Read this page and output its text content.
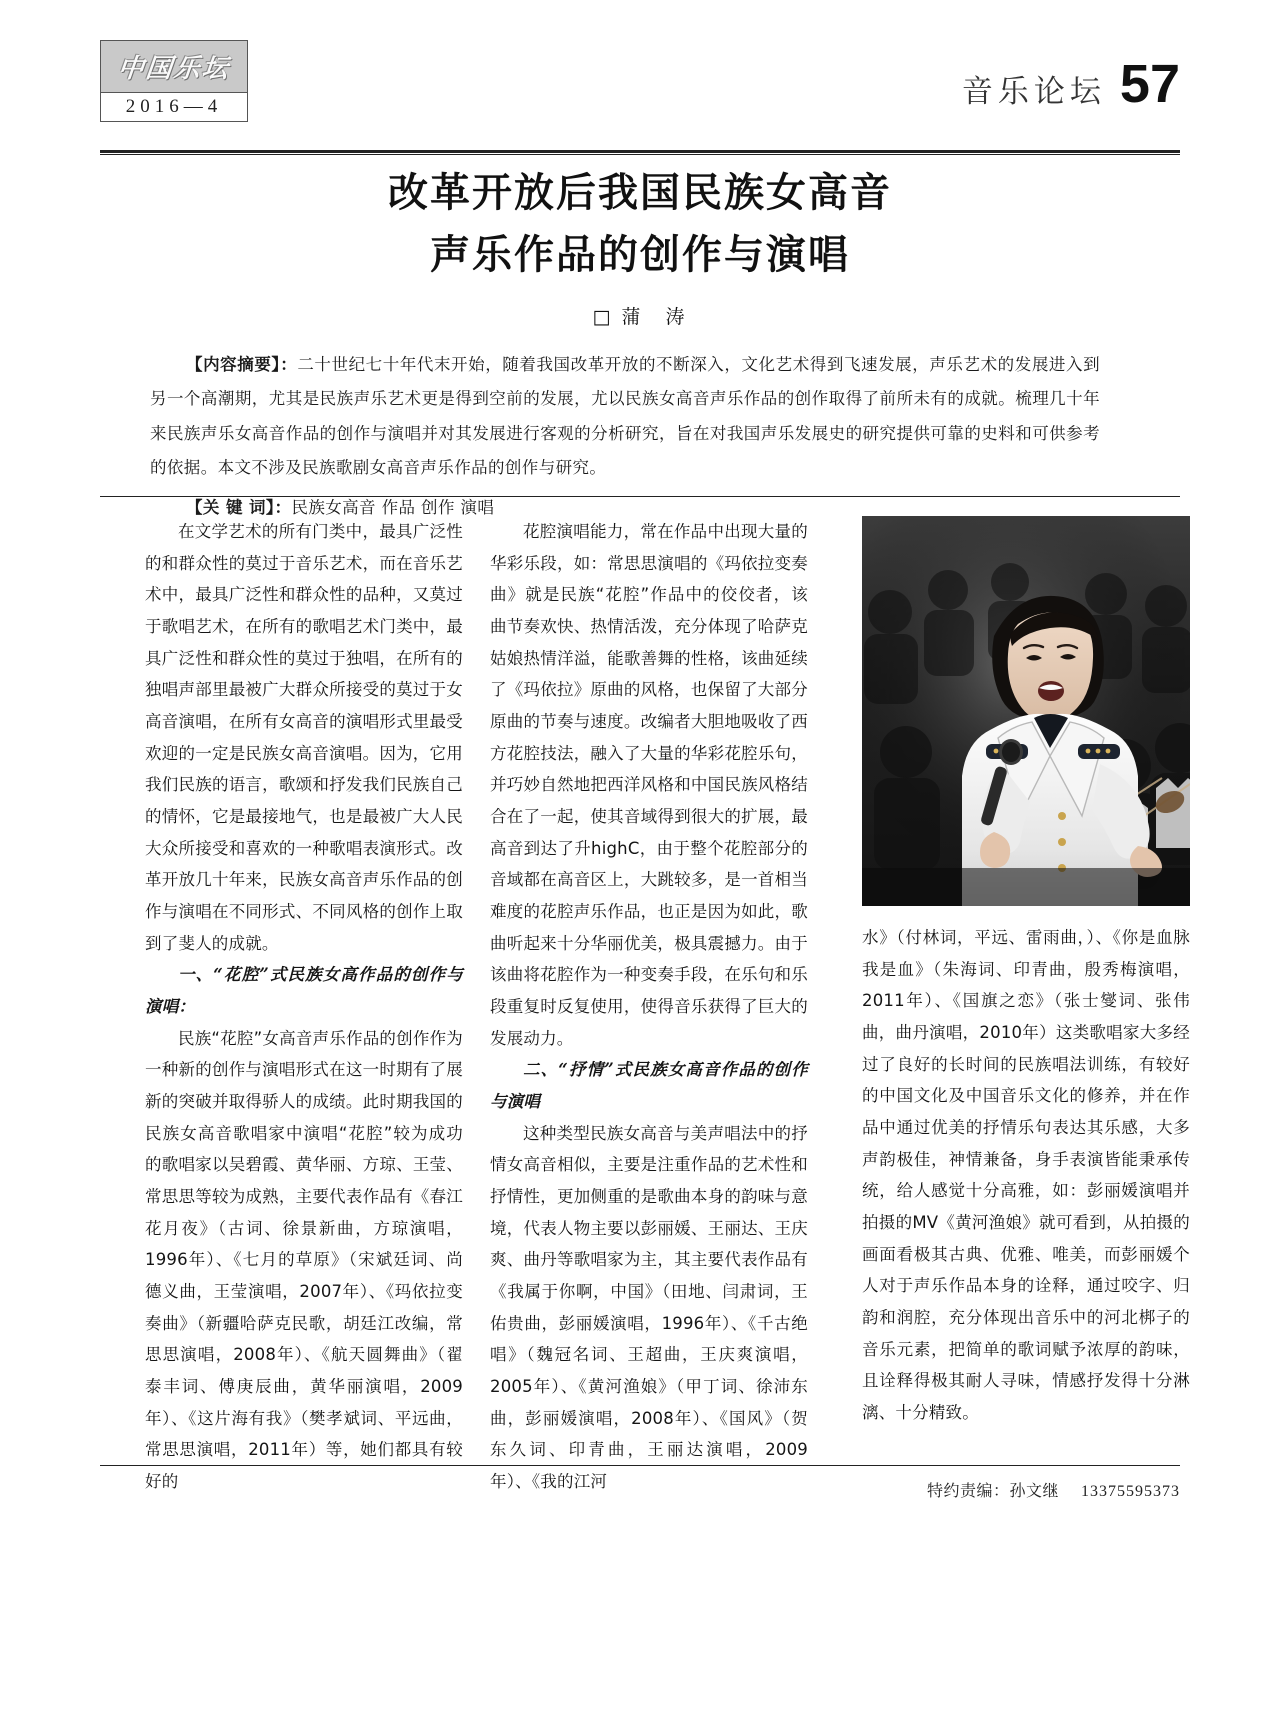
中国乐坛
2016—4	音乐论坛 57
改革开放后我国民族女高音
声乐作品的创作与演唱
□ 蒲　涛
【内容摘要】：二十世纪七十年代末开始，随着我国改革开放的不断深入，文化艺术得到飞速发展，声乐艺术的发展进入到另一个高潮期，尤其是民族声乐艺术更是得到空前的发展，尤以民族女高音声乐作品的创作取得了前所未有的成就。梳理几十年来民族声乐女高音作品的创作与演唱并对其发展进行客观的分析研究，旨在对我国声乐发展史的研究提供可靠的史料和可供参考的依据。本文不涉及民族歌剧女高音声乐作品的创作与研究。
【关 键 词】：民族女高音 作品 创作 演唱

在文学艺术的所有门类中，最具广泛性的和群众性的莫过于音乐艺术，而在音乐艺术中，最具广泛性和群众性的品种，又莫过于歌唱艺术，在所有的歌唱艺术门类中，最具广泛性和群众性的莫过于独唱，在所有的独唱声部里最被广大群众所接受的莫过于女高音演唱，在所有女高音的演唱形式里最受欢迎的一定是民族女高音演唱。因为，它用我们民族的语言，歌颂和抒发我们民族自己的情怀，它是最接地气，也是最被广大人民大众所接受和喜欢的一种歌唱表演形式。改革开放几十年来，民族女高音声乐作品的创作与演唱在不同形式、不同风格的创作上取到了斐人的成就。

一、“花腔”式民族女高作品的创作与演唱：

民族“花腔”女高音声乐作品的创作作为一种新的创作与演唱形式在这一时期有了展新的突破并取得骄人的成绩。此时期我国的民族女高音歌唱家中演唱“花腔”较为成功的歌唱家以吴碧霞、黄华丽、方琼、王莹、常思思等较为成熟，主要代表作品有《春江花月夜》（古词、徐景新曲，方琼演唱，1996年）、《七月的草原》（宋斌廷词、尚德义曲，王莹演唱，2007年）、《玛依拉变奏曲》（新疆哈萨克民歌，胡廷江改编，常思思演唱，2008年）、《航天圆舞曲》（翟泰丰词、傅庚辰曲，黄华丽演唱，2009年）、《这片海有我》（樊孝斌词、平远曲，常思思演唱，2011年）等，她们都具有较好的

花腔演唱能力，常在作品中出现大量的华彩乐段，如：常思思演唱的《玛依拉变奏曲》就是民族“花腔”作品中的佼佼者，该曲节奏欢快、热情活泼，充分体现了哈萨克姑娘热情洋溢，能歌善舞的性格，该曲延续了《玛依拉》原曲的风格，也保留了大部分原曲的节奏与速度。改编者大胆地吸收了西方花腔技法，融入了大量的华彩花腔乐句，并巧妙自然地把西洋风格和中国民族风格结合在了一起，使其音域得到很大的扩展，最高音到达了升highC，由于整个花腔部分的音域都在高音区上，大跳较多，是一首相当难度的花腔声乐作品，也正是因为如此，歌曲听起来十分华丽优美，极具震撼力。由于该曲将花腔作为一种变奏手段，在乐句和乐段重复时反复使用，使得音乐获得了巨大的发展动力。

二、“抒情”式民族女高音作品的创作与演唱

这种类型民族女高音与美声唱法中的抒情女高音相似，主要是注重作品的艺术性和抒情性，更加侧重的是歌曲本身的韵味与意境，代表人物主要以彭丽媛、王丽达、王庆爽、曲丹等歌唱家为主，其主要代表作品有《我属于你啊，中国》（田地、闫肃词，王佑贵曲，彭丽媛演唱，1996年）、《千古绝唱》（魏冠名词、王超曲，王庆爽演唱，2005年）、《黄河渔娘》（甲丁词、徐沛东曲，彭丽媛演唱，2008年）、《国风》（贺东久词、印青曲，王丽达演唱，2009年）、《我的江河

水》（付林词，平远、雷雨曲，）、《你是血脉我是血》（朱海词、印青曲，殷秀梅演唱，2011年）、《国旗之恋》（张士燮词、张伟曲，曲丹演唱，2010年）这类歌唱家大多经过了良好的长时间的民族唱法训练，有较好的中国文化及中国音乐文化的修养，并在作品中通过优美的抒情乐句表达其乐感，大多声韵极佳，神情兼备，身手表演皆能秉承传统，给人感觉十分高雅，如：彭丽媛演唱并拍摄的MV《黄河渔娘》就可看到，从拍摄的画面看极其古典、优雅、唯美，而彭丽媛个人对于声乐作品本身的诠释，通过咬字、归韵和润腔，充分体现出音乐中的河北梆子的音乐元素，把简单的歌词赋予浓厚的韵味，且诠释得极其耐人寻味，情感抒发得十分淋漓、十分精致。

特约责编：孙文继 13375595373
